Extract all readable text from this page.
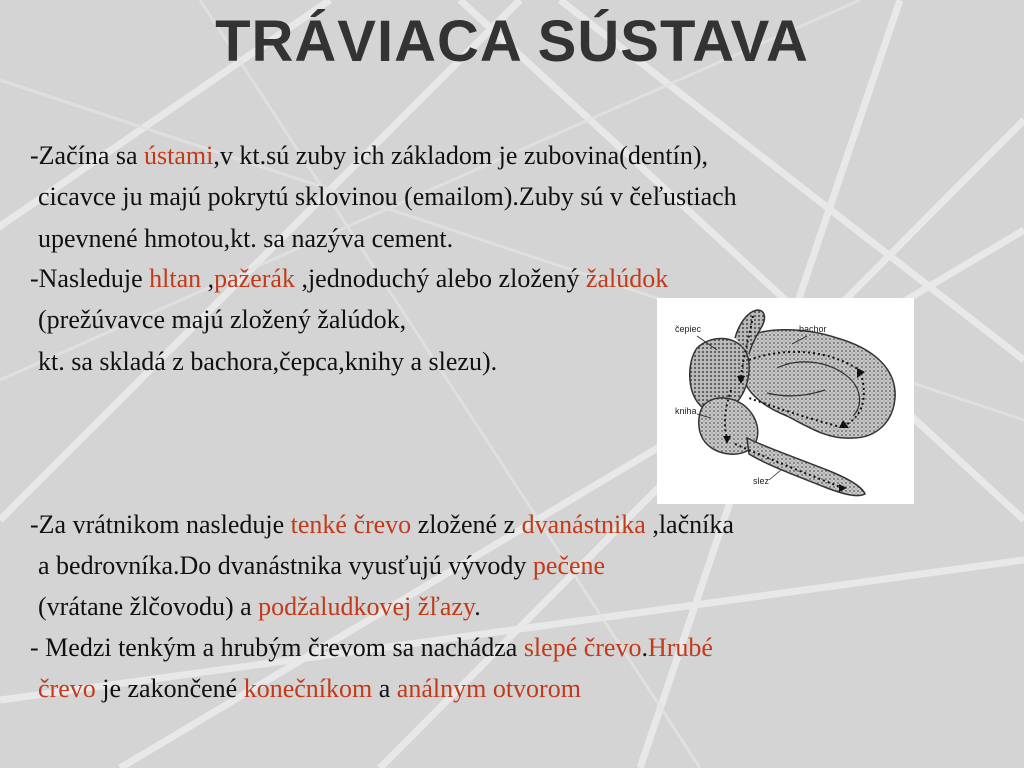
TRÁVIACA SÚSTAVA
-Začína sa ústami,v kt.sú zuby ich základom je zubovina(dentín),
cicavce ju majú pokrytú sklovinou (emailom).Zuby sú v čeľustiach
upevnené hmotou,kt. sa nazýva cement.
-Nasleduje hltan ,pažerák ,jednoduchý alebo zložený žalúdok
(prežúvavce majú zložený žalúdok,
kt. sa skladá z bachora,čepca,knihy a slezu).
čepiec	bachor
kniha
slez
-Za vrátnikom nasleduje tenké črevo zložené z dvanástnika ,lačníka
a bedrovníka.Do dvanástnika vyusťujú vývody pečene
(vrátane žlčovodu) a podžaludkovej žľazy.
- Medzi tenkým a hrubým črevom sa nachádza slepé črevo.Hrubé
črevo je zakončené konečníkom a análnym otvorom
